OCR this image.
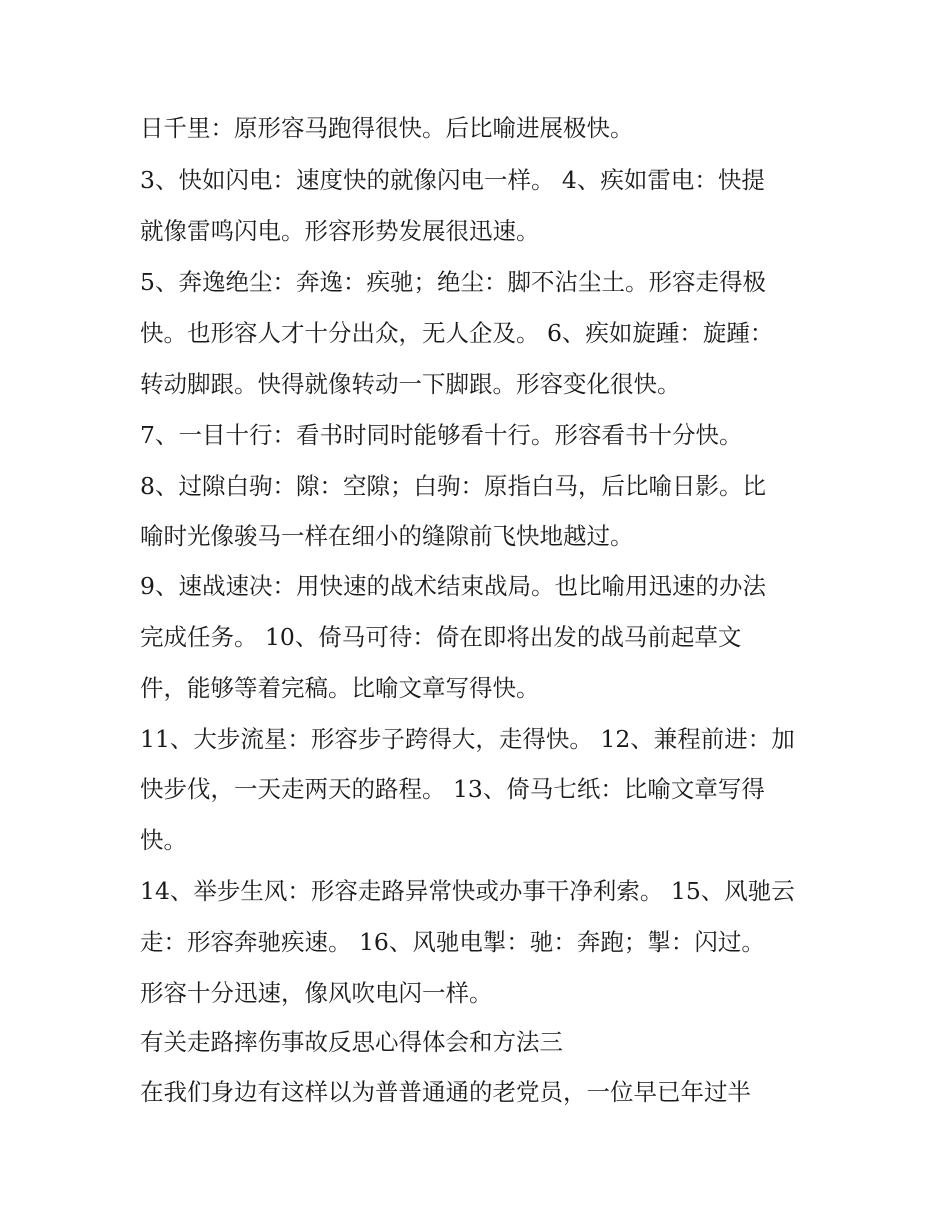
日千里：原形容马跑得很快。后比喻进展极快。
3、快如闪电：速度快的就像闪电一样。 4、疾如雷电：快提
就像雷鸣闪电。形容形势发展很迅速。
5、奔逸绝尘：奔逸：疾驰；绝尘：脚不沾尘土。形容走得极
快。也形容人才十分出众，无人企及。 6、疾如旋踵：旋踵：
转动脚跟。快得就像转动一下脚跟。形容变化很快。
7、一目十行：看书时同时能够看十行。形容看书十分快。
8、过隙白驹：隙：空隙；白驹：原指白马，后比喻日影。比
喻时光像骏马一样在细小的缝隙前飞快地越过。
9、速战速决：用快速的战术结束战局。也比喻用迅速的办法
完成任务。 10、倚马可待：倚在即将出发的战马前起草文
件，能够等着完稿。比喻文章写得快。
11、大步流星：形容步子跨得大，走得快。 12、兼程前进：加
快步伐，一天走两天的路程。 13、倚马七纸：比喻文章写得
快。
14、举步生风：形容走路异常快或办事干净利索。 15、风驰云
走：形容奔驰疾速。 16、风驰电掣：驰：奔跑；掣：闪过。
形容十分迅速，像风吹电闪一样。
有关走路摔伤事故反思心得体会和方法三
在我们身边有这样以为普普通通的老党员，一位早已年过半
